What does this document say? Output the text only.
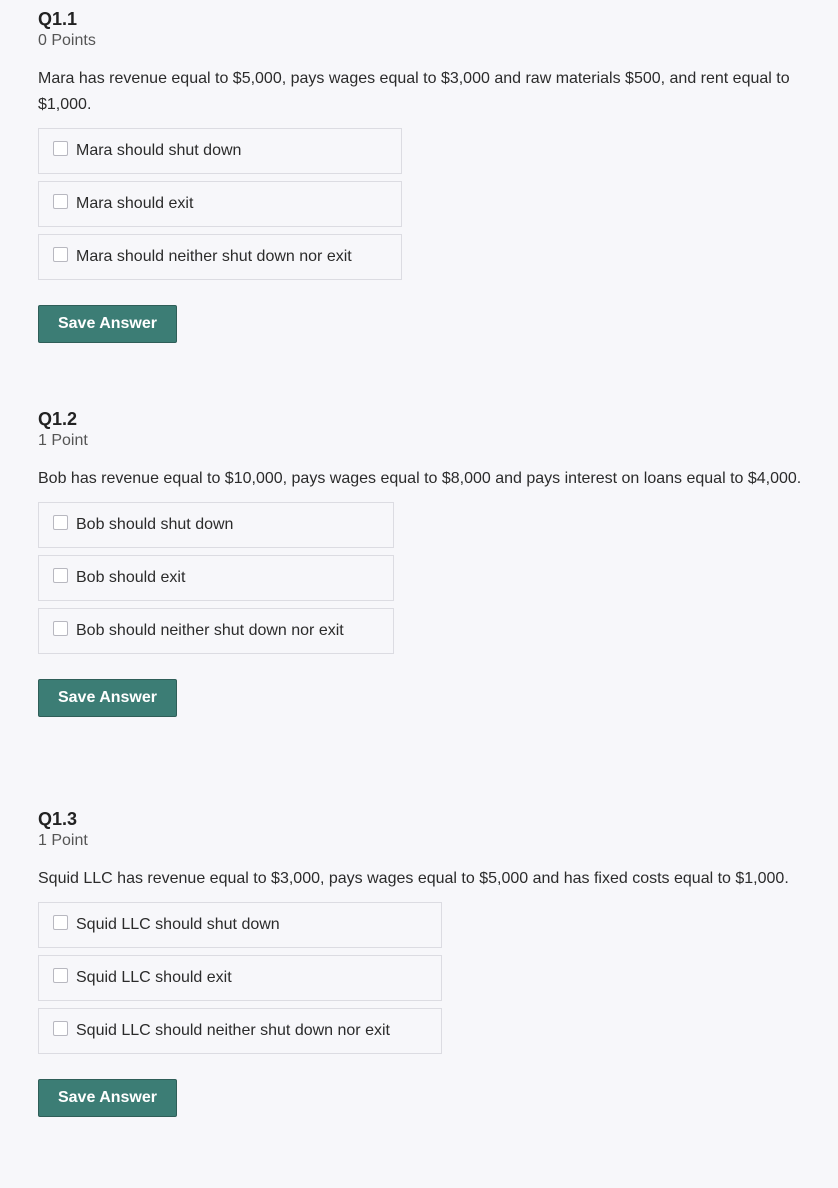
Q1.1
0 Points
Mara has revenue equal to $5,000, pays wages equal to $3,000 and raw materials $500, and rent equal to $1,000.
Mara should shut down
Mara should exit
Mara should neither shut down nor exit
Save Answer
Q1.2
1 Point
Bob has revenue equal to $10,000, pays wages equal to $8,000 and pays interest on loans equal to $4,000.
Bob should shut down
Bob should exit
Bob should neither shut down nor exit
Save Answer
Q1.3
1 Point
Squid LLC has revenue equal to $3,000, pays wages equal to $5,000 and has fixed costs equal to $1,000.
Squid LLC should shut down
Squid LLC should exit
Squid LLC should neither shut down nor exit
Save Answer
